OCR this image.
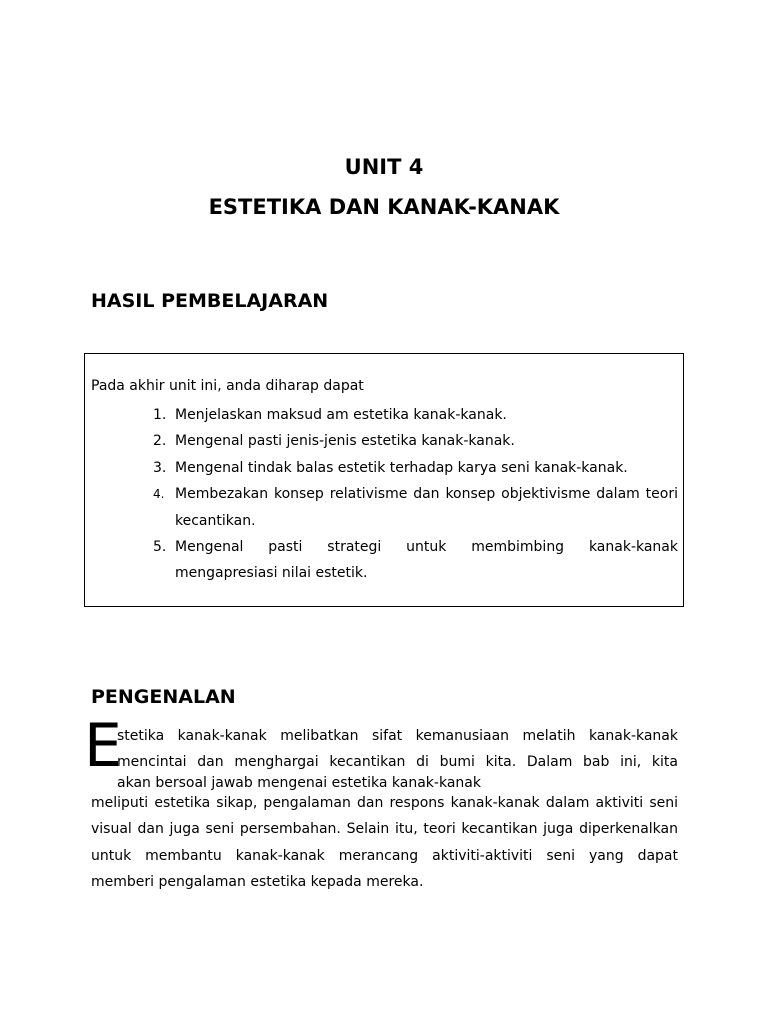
UNIT 4
ESTETIKA DAN KANAK-KANAK
HASIL PEMBELAJARAN
Pada akhir unit ini, anda diharap dapat
1. Menjelaskan maksud am estetika kanak-kanak.
2. Mengenal pasti jenis-jenis estetika kanak-kanak.
3. Mengenal tindak balas estetik terhadap karya seni kanak-kanak.
4. Membezakan konsep relativisme dan konsep objektivisme dalam teori kecantikan.
5. Mengenal pasti strategi untuk membimbing kanak-kanak mengapresiasi nilai estetik.
PENGENALAN
E
stetika kanak-kanak melibatkan sifat kemanusiaan melatih kanak-kanak
mencintai dan menghargai kecantikan di bumi kita. Dalam bab ini, kita
akan bersoal jawab mengenai estetika kanak-kanak

meliputi estetika sikap, pengalaman dan respons kanak-kanak dalam aktiviti seni visual dan juga seni persembahan. Selain itu, teori kecantikan juga diperkenalkan untuk membantu kanak-kanak merancang aktiviti-aktiviti seni yang dapat memberi pengalaman estetika kepada mereka.
